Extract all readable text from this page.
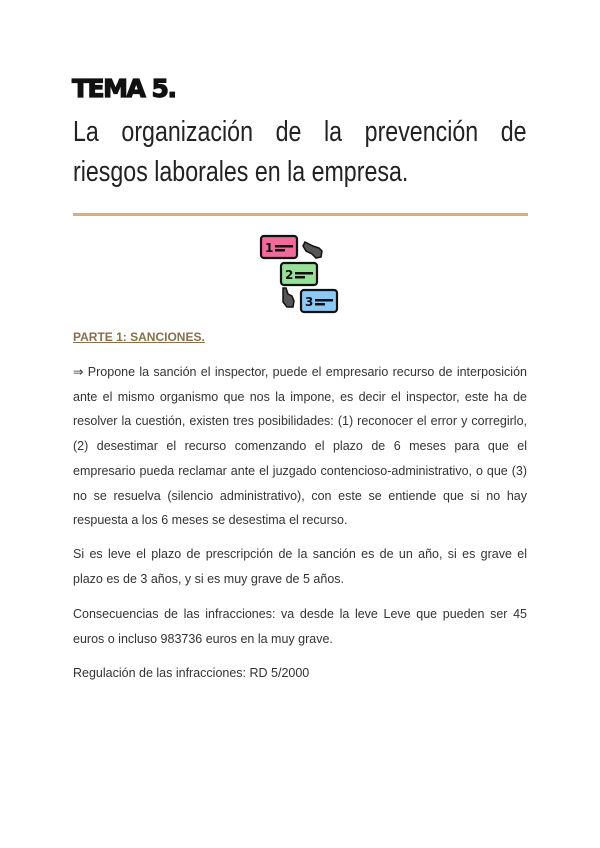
TEMA 5.
La organización de la prevención de riesgos laborales en la empresa.
1
2
3
PARTE 1: SANCIONES.
⇒ Propone la sanción el inspector, puede el empresario recurso de interposición ante el mismo organismo que nos la impone, es decir el inspector, este ha de resolver la cuestión, existen tres posibilidades: (1) reconocer el error y corregirlo, (2) desestimar el recurso comenzando el plazo de 6 meses para que el empresario pueda reclamar ante el juzgado contencioso-administrativo, o que (3) no se resuelva (silencio administrativo), con este se entiende que si no hay respuesta a los 6 meses se desestima el recurso.
Si es leve el plazo de prescripción de la sanción es de un año, si es grave el plazo es de 3 años, y si es muy grave de 5 años.
Consecuencias de las infracciones: va desde la leve Leve que pueden ser 45 euros o incluso 983736 euros en la muy grave.
Regulación de las infracciones: RD 5/2000
